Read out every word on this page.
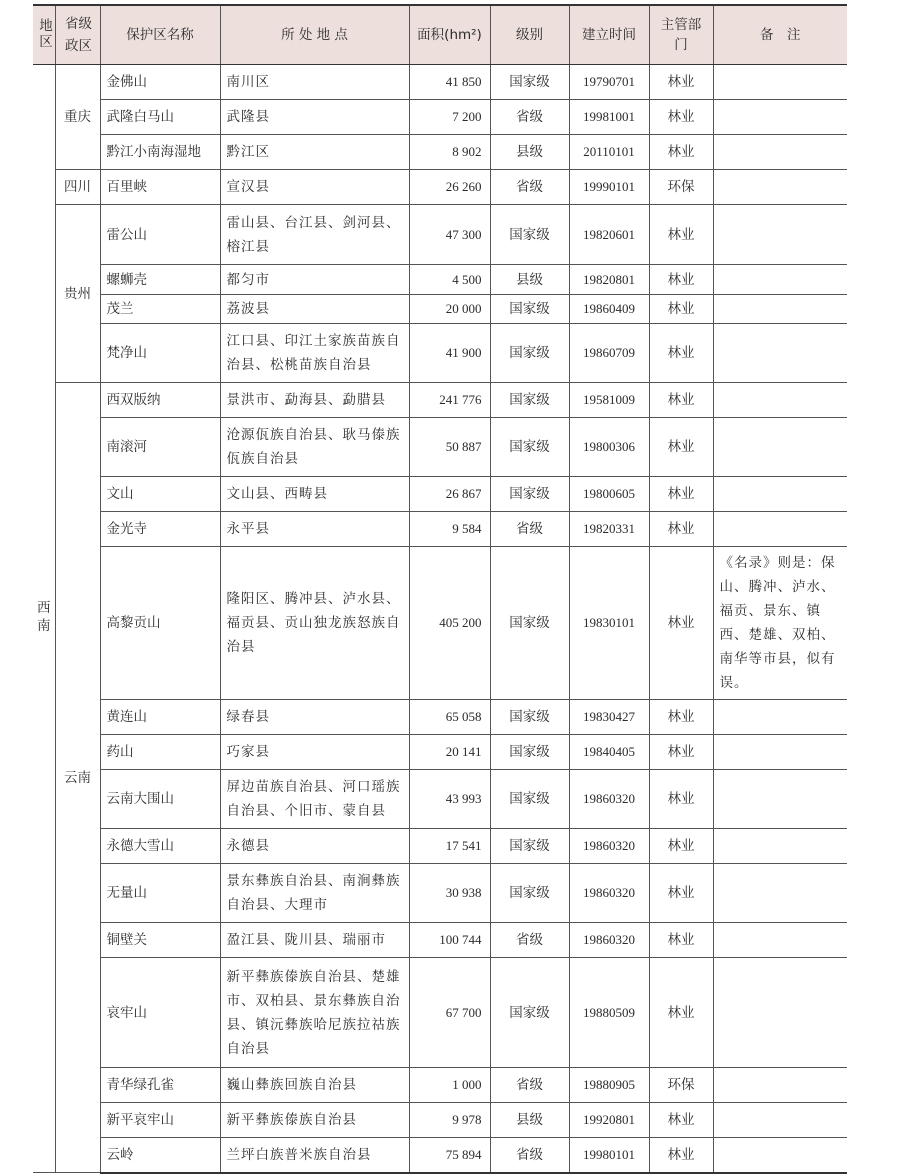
地区	省级政区	保护区名称	所 处 地 点	面积(hm²)	级别	建立时间	主管部门	备　注
西南	重庆	金佛山	南川区	41 850	国家级	19790701	林业	
		武隆白马山	武隆县	7 200	省级	19981001	林业	
		黔江小南海湿地	黔江区	8 902	县级	20110101	林业	
	四川	百里峡	宣汉县	26 260	省级	19990101	环保	
	贵州	雷公山	雷山县、台江县、剑河县、榕江县	47 300	国家级	19820601	林业	
		螺蛳壳	都匀市	4 500	县级	19820801	林业	
		茂兰	荔波县	20 000	国家级	19860409	林业	
		梵净山	江口县、印江土家族苗族自治县、松桃苗族自治县	41 900	国家级	19860709	林业	
	云南	西双版纳	景洪市、勐海县、勐腊县	241 776	国家级	19581009	林业	
		南滚河	沧源佤族自治县、耿马傣族佤族自治县	50 887	国家级	19800306	林业	
		文山	文山县、西畴县	26 867	国家级	19800605	林业	
		金光寺	永平县	9 584	省级	19820331	林业	
		高黎贡山	隆阳区、腾冲县、泸水县、福贡县、贡山独龙族怒族自治县	405 200	国家级	19830101	林业	《名录》则是：保山、腾冲、泸水、福贡、景东、镇西、楚雄、双柏、南华等市县，似有误。
		黄连山	绿春县	65 058	国家级	19830427	林业	
		药山	巧家县	20 141	国家级	19840405	林业	
		云南大围山	屏边苗族自治县、河口瑶族自治县、个旧市、蒙自县	43 993	国家级	19860320	林业	
		永德大雪山	永德县	17 541	国家级	19860320	林业	
		无量山	景东彝族自治县、南涧彝族自治县、大理市	30 938	国家级	19860320	林业	
		铜壁关	盈江县、陇川县、瑞丽市	100 744	省级	19860320	林业	
		哀牢山	新平彝族傣族自治县、楚雄市、双柏县、景东彝族自治县、镇沅彝族哈尼族拉祜族自治县	67 700	国家级	19880509	林业	
		青华绿孔雀	巍山彝族回族自治县	1 000	省级	19880905	环保	
		新平哀牢山	新平彝族傣族自治县	9 978	县级	19920801	林业	
		云岭	兰坪白族普米族自治县	75 894	省级	19980101	林业	
